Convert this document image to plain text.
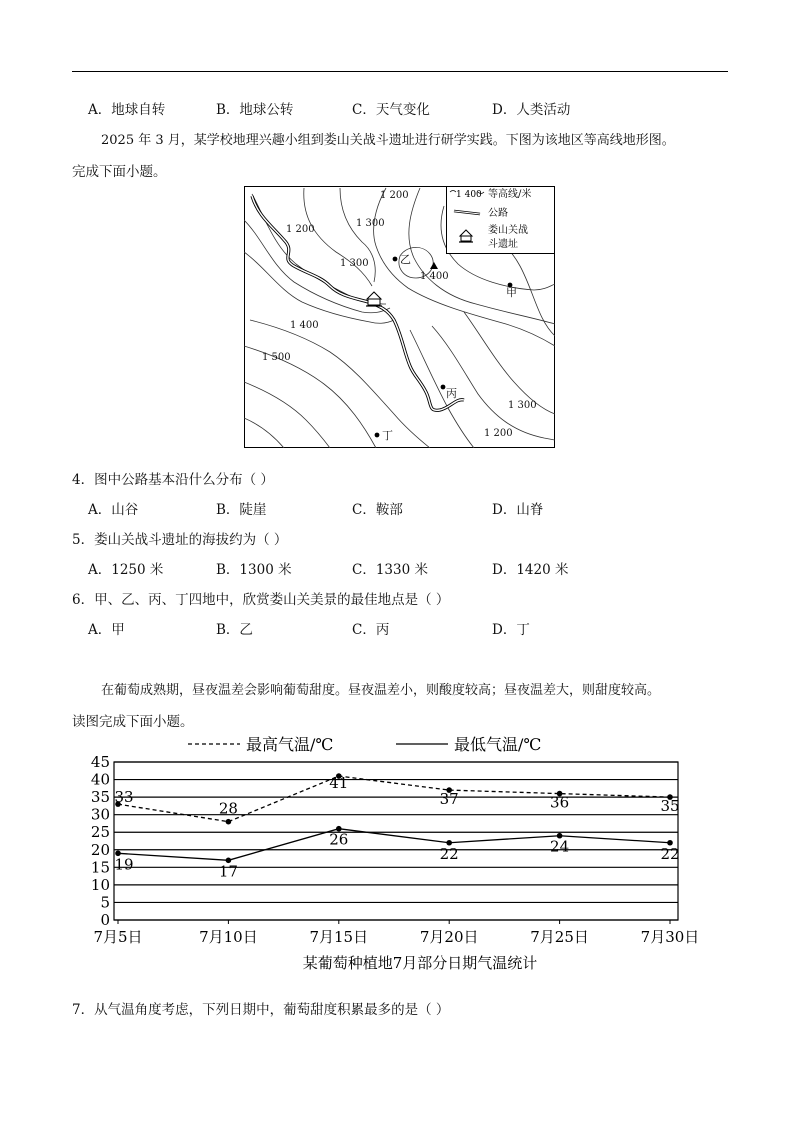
A．地球自转	B．地球公转	C．天气变化	D．人类活动
2025 年 3 月，某学校地理兴趣小组到娄山关战斗遗址进行研学实践。下图为该地区等高线地形图。
完成下面小题。
1 200
1 300
1 200
1 300
1 400
1 500
1 300
1 200
1 400
乙
甲
丙
丁
1 400 等高线/米
公路
娄山关战
斗遗址
4．图中公路基本沿什么分布（ ）
A．山谷	B．陡崖	C．鞍部	D．山脊
5．娄山关战斗遗址的海拔约为（ ）
A．1250 米	B．1300 米	C．1330 米	D．1420 米
6．甲、乙、丙、丁四地中，欣赏娄山关美景的最佳地点是（ ）
A．甲	B．乙	C．丙	D．丁
在葡萄成熟期，昼夜温差会影响葡萄甜度。昼夜温差小，则酸度较高；昼夜温差大，则甜度较高。
读图完成下面小题。
最高气温/℃	最低气温/℃
33
28
41
37	36	35
19	17
26
22	24	22
0
5
10
15
20
25
30
35
40
45
7月5日	7月10日	7月15日	7月20日	7月25日	7月30日
某葡萄种植地7月部分日期气温统计
7．从气温角度考虑，下列日期中，葡萄甜度积累最多的是（ ）
